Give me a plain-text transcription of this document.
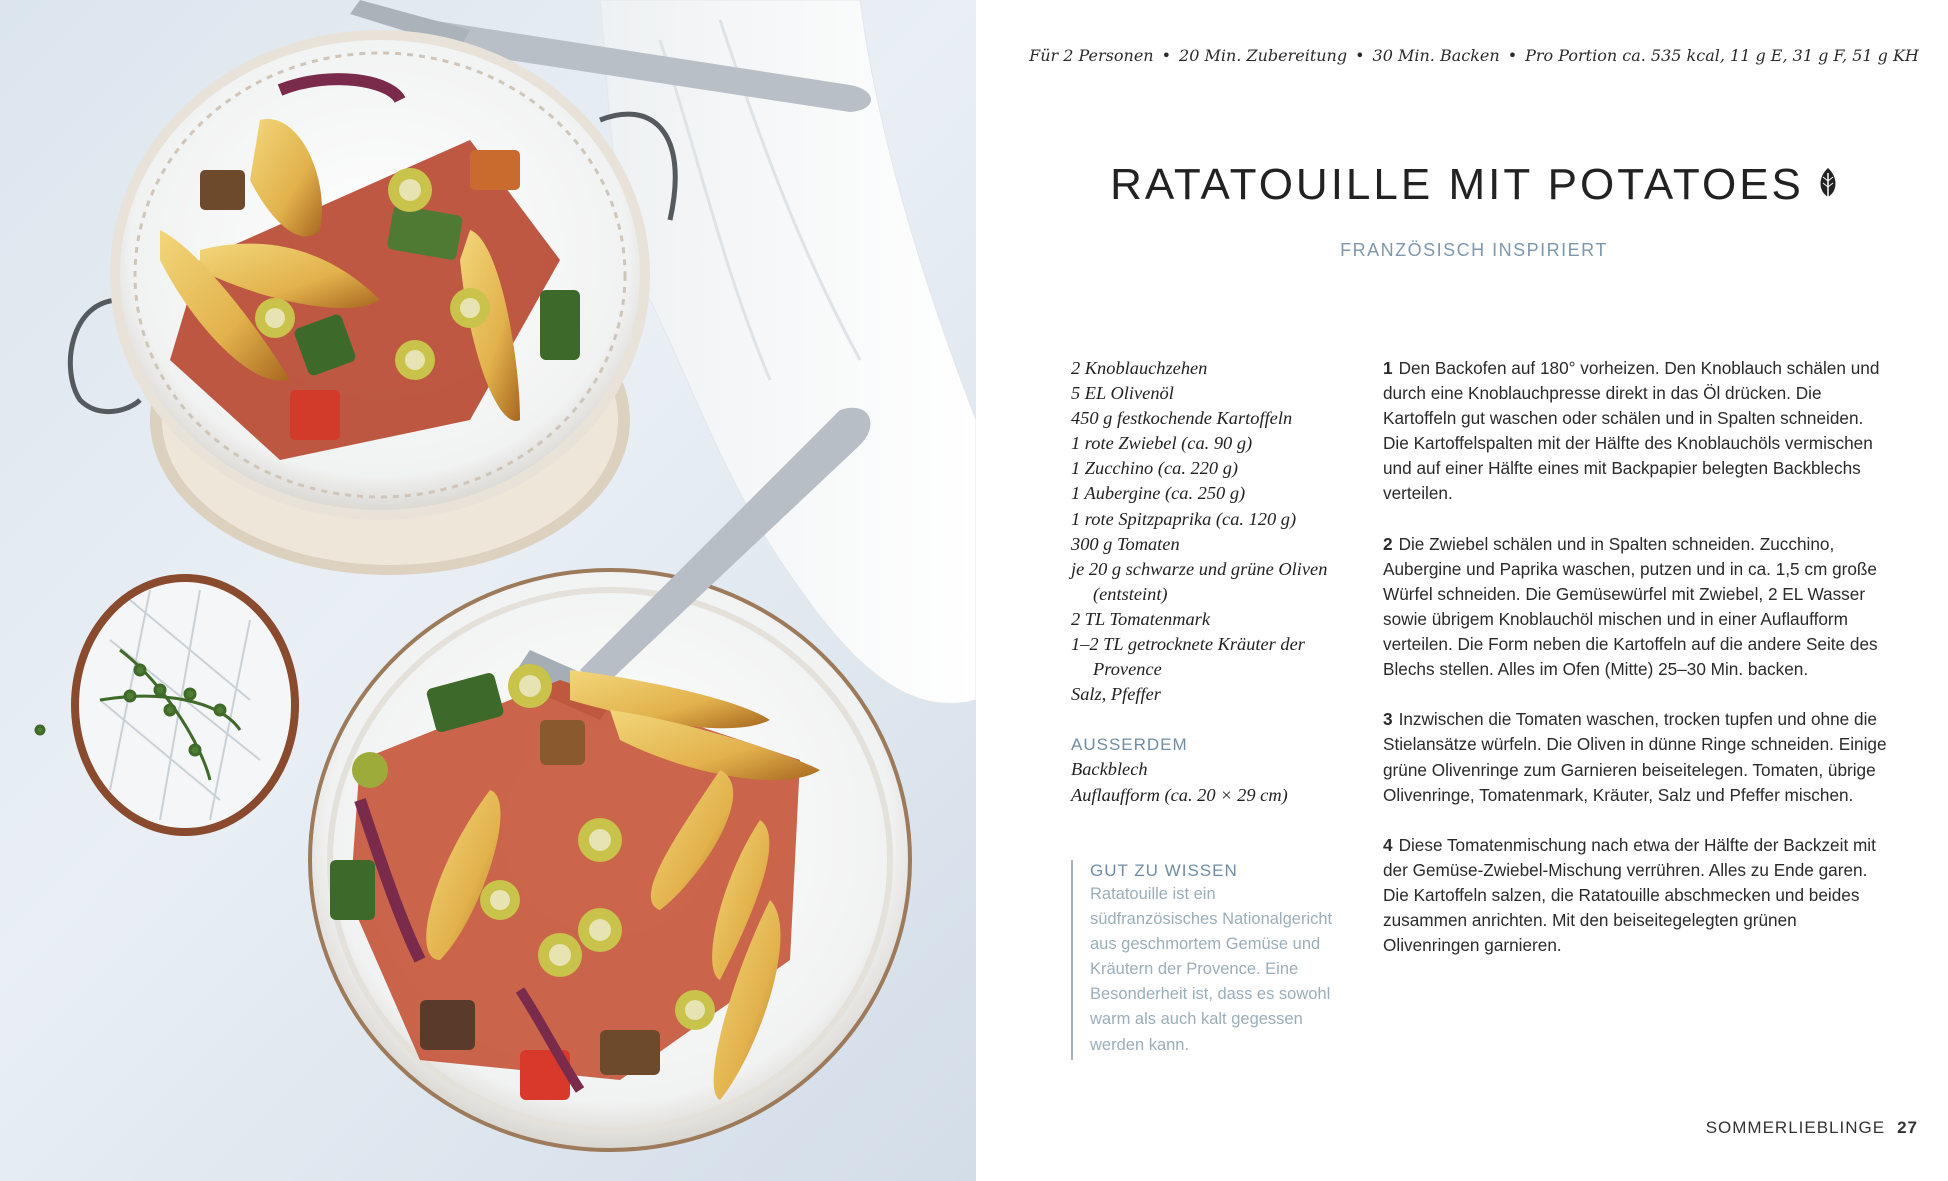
Für 2 Personen • 20 Min. Zubereitung • 30 Min. Backen • Pro Portion ca. 535 kcal, 11 g E, 31 g F, 51 g KH
RATATOUILLE MIT POTATOES
FRANZÖSISCH INSPIRIERT
2 Knoblauchzehen
5 EL Olivenöl
450 g festkochende Kartoffeln
1 rote Zwiebel (ca. 90 g)
1 Zucchino (ca. 220 g)
1 Aubergine (ca. 250 g)
1 rote Spitzpaprika (ca. 120 g)
300 g Tomaten
je 20 g schwarze und grüne Oliven (entsteint)
2 TL Tomatenmark
1–2 TL getrocknete Kräuter der Provence
Salz, Pfeffer
AUSSERDEM
Backblech
Auflaufform (ca. 20 × 29 cm)
GUT ZU WISSEN
Ratatouille ist ein südfranzösisches Nationalgericht aus geschmortem Gemüse und Kräutern der Provence. Eine Besonderheit ist, dass es sowohl warm als auch kalt gegessen werden kann.
1 Den Backofen auf 180° vorheizen. Den Knoblauch schälen und durch eine Knoblauchpresse direkt in das Öl drücken. Die Kartoffeln gut waschen oder schälen und in Spalten schneiden. Die Kartoffelspalten mit der Hälfte des Knoblauchöls vermischen und auf einer Hälfte eines mit Backpapier belegten Backblechs verteilen.
2 Die Zwiebel schälen und in Spalten schneiden. Zucchino, Aubergine und Paprika waschen, putzen und in ca. 1,5 cm große Würfel schneiden. Die Gemüsewürfel mit Zwiebel, 2 EL Wasser sowie übrigem Knoblauchöl mischen und in einer Auflaufform verteilen. Die Form neben die Kartoffeln auf die andere Seite des Blechs stellen. Alles im Ofen (Mitte) 25–30 Min. backen.
3 Inzwischen die Tomaten waschen, trocken tupfen und ohne die Stielansätze würfeln. Die Oliven in dünne Ringe schneiden. Einige grüne Olivenringe zum Garnieren beiseitelegen. Tomaten, übrige Olivenringe, Tomatenmark, Kräuter, Salz und Pfeffer mischen.
4 Diese Tomatenmischung nach etwa der Hälfte der Backzeit mit der Gemüse-Zwiebel-Mischung verrühren. Alles zu Ende garen. Die Kartoffeln salzen, die Ratatouille abschmecken und beides zusammen anrichten. Mit den beiseitegelegten grünen Olivenringen garnieren.
SOMMERLIEBLINGE 27
